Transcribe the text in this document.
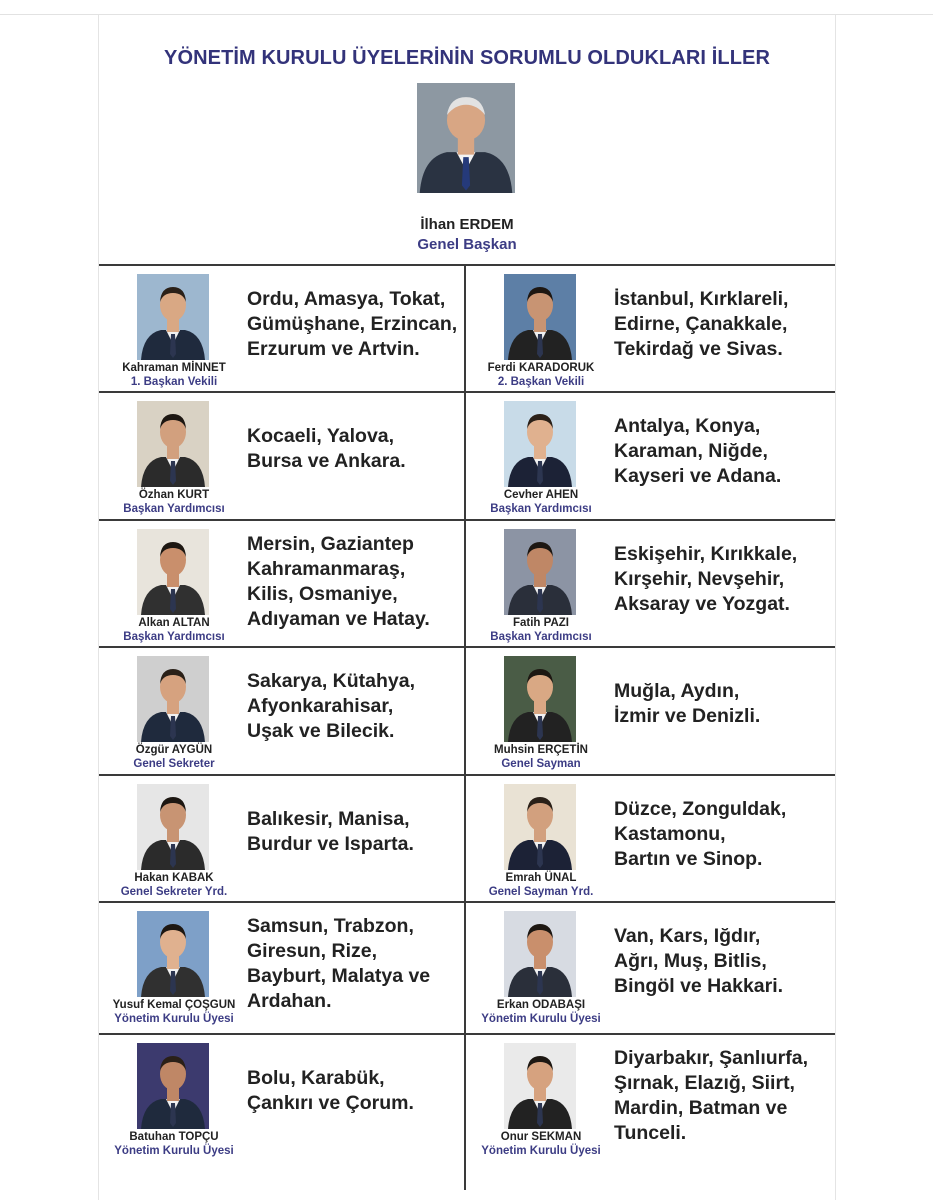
YÖNETİM KURULU ÜYELERİNİN SORUMLU OLDUKLARI İLLER
İlhan ERDEM
Genel Başkan
Kahraman MİNNET
1. Başkan Vekili
Ordu, Amasya, Tokat,
Gümüşhane, Erzincan,
Erzurum ve Artvin.
Ferdi KARADORUK
2. Başkan Vekili
İstanbul, Kırklareli,
Edirne, Çanakkale,
Tekirdağ ve Sivas.
Özhan KURT
Başkan Yardımcısı
Kocaeli, Yalova,
Bursa ve Ankara.
Cevher AHEN
Başkan Yardımcısı
Antalya, Konya,
Karaman, Niğde,
Kayseri ve Adana.
Alkan ALTAN
Başkan Yardımcısı
Mersin, Gaziantep
Kahramanmaraş,
Kilis, Osmaniye,
Adıyaman ve Hatay.	Fatih PAZI
Başkan Yardımcısı
Eskişehir, Kırıkkale,
Kırşehir, Nevşehir,
Aksaray ve Yozgat.
Özgür AYGÜN
Genel Sekreter
Sakarya, Kütahya,
Afyonkarahisar,
Uşak ve Bilecik.
Muhsin ERÇETİN
Genel Sayman
Muğla, Aydın,
İzmir ve Denizli.
Hakan KABAK
Genel Sekreter Yrd.
Balıkesir, Manisa,
Burdur ve Isparta.
Emrah ÜNAL
Genel Sayman Yrd.
Düzce, Zonguldak,
Kastamonu,
Bartın ve Sinop.
Yusuf Kemal ÇOŞGUN
Yönetim Kurulu Üyesi
Samsun, Trabzon,
Giresun, Rize,
Bayburt, Malatya ve
Ardahan.	Erkan ODABAŞI
Yönetim Kurulu Üyesi
Van, Kars, Iğdır,
Ağrı, Muş, Bitlis,
Bingöl ve Hakkari.
Batuhan TOPÇU
Yönetim Kurulu Üyesi
Bolu, Karabük,
Çankırı ve Çorum.
Onur SEKMAN
Yönetim Kurulu Üyesi
Diyarbakır, Şanlıurfa,
Şırnak, Elazığ, Siirt,
Mardin, Batman ve
Tunceli.
